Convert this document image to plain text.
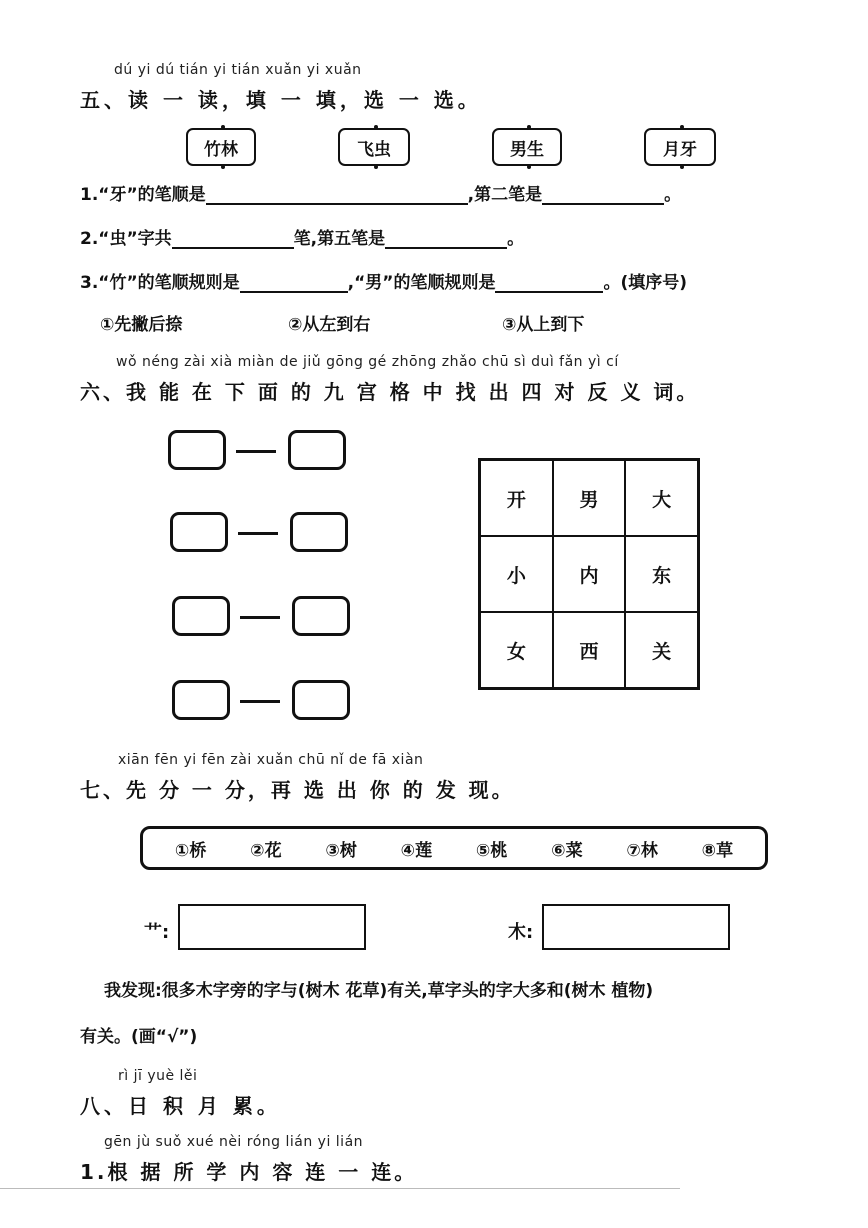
dú yi dú tián yi tián xuǎn yi xuǎn
五、读 一 读，填 一 填，选 一 选。
竹林	飞虫	男生	月牙
1.“牙”的笔顺是	,第二笔是	。
2.“虫”字共	笔,第五笔是	。
3.“竹”的笔顺规则是	,“男”的笔顺规则是	。(填序号)
①先撇后捺	②从左到右	③从上到下
wǒ néng zài xià miàn de jiǔ gōng gé zhōng zhǎo chū sì duì fǎn yì cí
六、我 能 在 下 面 的 九 宫 格 中 找 出 四 对 反 义 词。
开	男	大
小	内	东
女	西	关
xiān fēn yi fēn zài xuǎn chū nǐ de fā xiàn
七、先 分 一 分，再 选 出 你 的 发 现。
①桥	②花	③树	④莲	⑤桃	⑥菜	⑦林	⑧草
艹:	木:
我发现:很多木字旁的字与(树木 花草)有关,草字头的字大多和(树木 植物)
有关。(画“√”)
rì jī yuè lěi
八、日 积 月 累。
gēn jù suǒ xué nèi róng lián yi lián
1.根 据 所 学 内 容 连 一 连。
